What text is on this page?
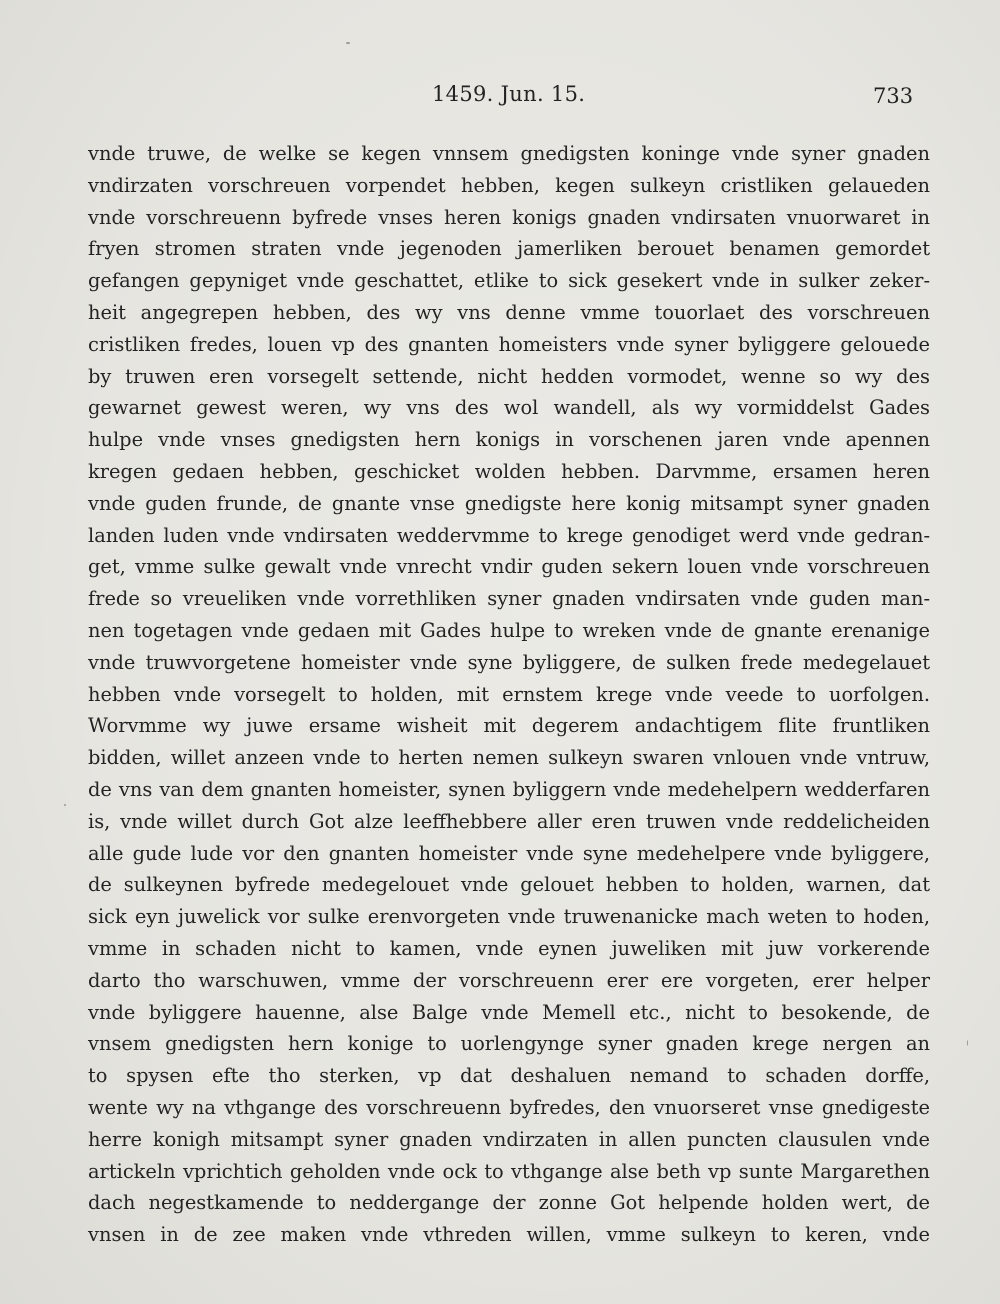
1459. Jun. 15.	733
vnde truwe, de welke se kegen vnnsem gnedigsten koninge vnde syner gnaden
vndirzaten vorschreuen vorpendet hebben, kegen sulkeyn cristliken gelaueden
vnde vorschreuenn byfrede vnses heren konigs gnaden vndirsaten vnuorwaret in
fryen stromen straten vnde jegenoden jamerliken berouet benamen gemordet
gefangen gepyniget vnde geschattet, etlike to sick gesekert vnde in sulker zeker-
heit angegrepen hebben, des wy vns denne vmme touorlaet des vorschreuen
cristliken fredes, louen vp des gnanten homeisters vnde syner byliggere gelouede
by truwen eren vorsegelt settende, nicht hedden vormodet, wenne so wy des
gewarnet gewest weren, wy vns des wol wandell, als wy vormiddelst Gades
hulpe vnde vnses gnedigsten hern konigs in vorschenen jaren vnde apennen
kregen gedaen hebben, geschicket wolden hebben. Darvmme, ersamen heren
vnde guden frunde, de gnante vnse gnedigste here konig mitsampt syner gnaden
landen luden vnde vndirsaten weddervmme to krege genodiget werd vnde gedran-
get, vmme sulke gewalt vnde vnrecht vndir guden sekern louen vnde vorschreuen
frede so vreueliken vnde vorrethliken syner gnaden vndirsaten vnde guden man-
nen togetagen vnde gedaen mit Gades hulpe to wreken vnde de gnante erenanige
vnde truwvorgetene homeister vnde syne byliggere, de sulken frede medegelauet
hebben vnde vorsegelt to holden, mit ernstem krege vnde veede to uorfolgen.
Worvmme wy juwe ersame wisheit mit degerem andachtigem flite fruntliken
bidden, willet anzeen vnde to herten nemen sulkeyn swaren vnlouen vnde vntruw,
de vns van dem gnanten homeister, synen byliggern vnde medehelpern wedderfaren
is, vnde willet durch Got alze leeffhebbere aller eren truwen vnde reddelicheiden
alle gude lude vor den gnanten homeister vnde syne medehelpere vnde byliggere,
de sulkeynen byfrede medegelouet vnde gelouet hebben to holden, warnen, dat
sick eyn juwelick vor sulke erenvorgeten vnde truwenanicke mach weten to hoden,
vmme in schaden nicht to kamen, vnde eynen juweliken mit juw vorkerende
darto tho warschuwen, vmme der vorschreuenn erer ere vorgeten, erer helper
vnde byliggere hauenne, alse Balge vnde Memell etc., nicht to besokende, de
vnsem gnedigsten hern konige to uorlengynge syner gnaden krege nergen an
to spysen efte tho sterken, vp dat deshaluen nemand to schaden dorffe,
wente wy na vthgange des vorschreuenn byfredes, den vnuorseret vnse gnedigeste
herre konigh mitsampt syner gnaden vndirzaten in allen puncten clausulen vnde
artickeln vprichtich geholden vnde ock to vthgange alse beth vp sunte Margarethen
dach negestkamende to neddergange der zonne Got helpende holden wert, de
vnsen in de zee maken vnde vthreden willen, vmme sulkeyn to keren, vnde
